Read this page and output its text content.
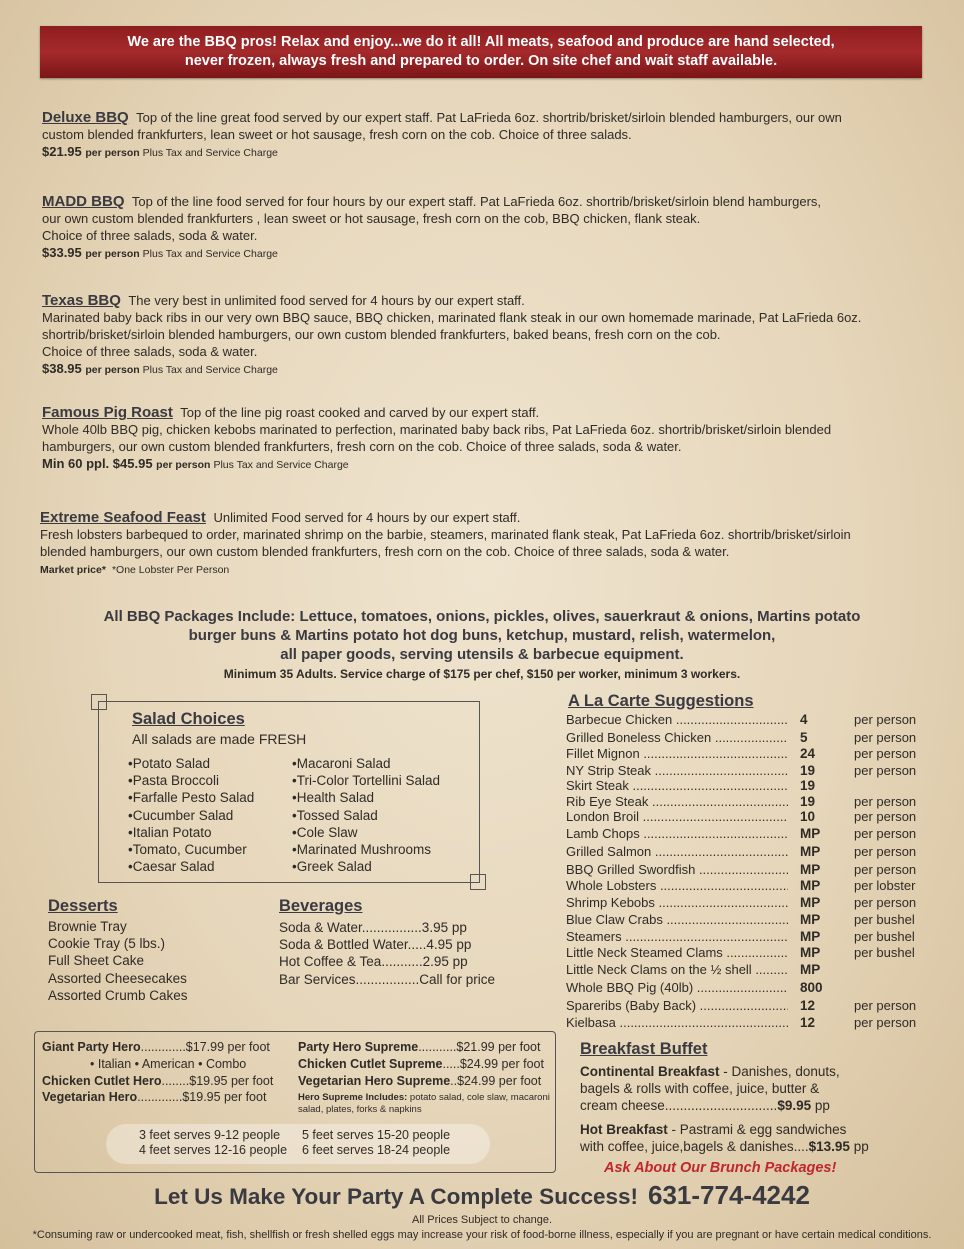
We are the BBQ pros! Relax and enjoy...we do it all! All meats, seafood and produce are hand selected,
never frozen, always fresh and prepared to order. On site chef and wait staff available.
Deluxe BBQ Top of the line great food served by our expert staff. Pat LaFrieda 6oz. shortrib/brisket/sirloin blended hamburgers, our own
custom blended frankfurters, lean sweet or hot sausage, fresh corn on the cob. Choice of three salads.
$21.95 per person Plus Tax and Service Charge
MADD BBQ Top of the line food served for four hours by our expert staff. Pat LaFrieda 6oz. shortrib/brisket/sirloin blend hamburgers,
our own custom blended frankfurters , lean sweet or hot sausage, fresh corn on the cob, BBQ chicken, flank steak.
Choice of three salads, soda & water.
$33.95 per person Plus Tax and Service Charge
Texas BBQ The very best in unlimited food served for 4 hours by our expert staff.
Marinated baby back ribs in our very own BBQ sauce, BBQ chicken, marinated flank steak in our own homemade marinade, Pat LaFrieda 6oz.
shortrib/brisket/sirloin blended hamburgers, our own custom blended frankfurters, baked beans, fresh corn on the cob.
Choice of three salads, soda & water.
$38.95 per person Plus Tax and Service Charge
Famous Pig Roast Top of the line pig roast cooked and carved by our expert staff.
Whole 40lb BBQ pig, chicken kebobs marinated to perfection, marinated baby back ribs, Pat LaFrieda 6oz. shortrib/brisket/sirloin blended
hamburgers, our own custom blended frankfurters, fresh corn on the cob. Choice of three salads, soda & water.
Min 60 ppl. $45.95 per person Plus Tax and Service Charge
Extreme Seafood Feast Unlimited Food served for 4 hours by our expert staff.
Fresh lobsters barbequed to order, marinated shrimp on the barbie, steamers, marinated flank steak, Pat LaFrieda 6oz. shortrib/brisket/sirloin
blended hamburgers, our own custom blended frankfurters, fresh corn on the cob. Choice of three salads, soda & water.
Market price* *One Lobster Per Person
All BBQ Packages Include: Lettuce, tomatoes, onions, pickles, olives, sauerkraut & onions, Martins potato
burger buns & Martins potato hot dog buns, ketchup, mustard, relish, watermelon,
all paper goods, serving utensils & barbecue equipment.
Minimum 35 Adults. Service charge of $175 per chef, $150 per worker, minimum 3 workers.
Salad Choices
All salads are made FRESH
• Potato Salad
• Pasta Broccoli
• Farfalle Pesto Salad
• Cucumber Salad
• Italian Potato
• Tomato, Cucumber
• Caesar Salad
• Macaroni Salad
• Tri-Color Tortellini Salad
• Health Salad
• Tossed Salad
• Cole Slaw
• Marinated Mushrooms
• Greek Salad
Desserts
Brownie Tray
Cookie Tray (5 lbs.)
Full Sheet Cake
Assorted Cheesecakes
Assorted Crumb Cakes
Beverages
Soda & Water................3.95 pp
Soda & Bottled Water.....4.95 pp
Hot Coffee & Tea...........2.95 pp
Bar Services.................Call for price
A La Carte Suggestions
Barbecue Chicken .....	4	per person
Grilled Boneless Chicken .....	5	per person
Fillet Mignon .....	24	per person
NY Strip Steak .....	19	per person
Skirt Steak .....	19
Rib Eye Steak .....	19	per person
London Broil .....	10	per person
Lamb Chops .....	MP	per person
Grilled Salmon .....	MP	per person
BBQ Grilled Swordfish .....	MP	per person
Whole Lobsters .....	MP	per lobster
Shrimp Kebobs .....	MP	per person
Blue Claw Crabs .....	MP	per bushel
Steamers .....	MP	per bushel
Little Neck Steamed Clams .....	MP	per bushel
Little Neck Clams on the ½ shell .....	MP
Whole BBQ Pig (40lb) .....	800
Spareribs (Baby Back) .....	12	per person
Kielbasa .....	12	per person
Giant Party Hero.............$17.99 per foot
• Italian • American • Combo
Chicken Cutlet Hero........$19.95 per foot
Vegetarian Hero.............$19.95 per foot
Party Hero Supreme...........$21.99 per foot
Chicken Cutlet Supreme.....$24.99 per foot
Vegetarian Hero Supreme..$24.99 per foot
Hero Supreme Includes: potato salad, cole slaw, macaroni salad, plates, forks & napkins
3 feet serves 9-12 people
4 feet serves 12-16 people
5 feet serves 15-20 people
6 feet serves 18-24 people
Breakfast Buffet
Continental Breakfast - Danishes, donuts,
bagels & rolls with coffee, juice, butter &
cream cheese..............................$9.95 pp
Hot Breakfast - Pastrami & egg sandwiches
with coffee, juice,bagels & danishes....$13.95 pp
Ask About Our Brunch Packages!
Let Us Make Your Party A Complete Success! 631-774-4242
All Prices Subject to change.
*Consuming raw or undercooked meat, fish, shellfish or fresh shelled eggs may increase your risk of food-borne illness, especially if you are pregnant or have certain medical conditions.
